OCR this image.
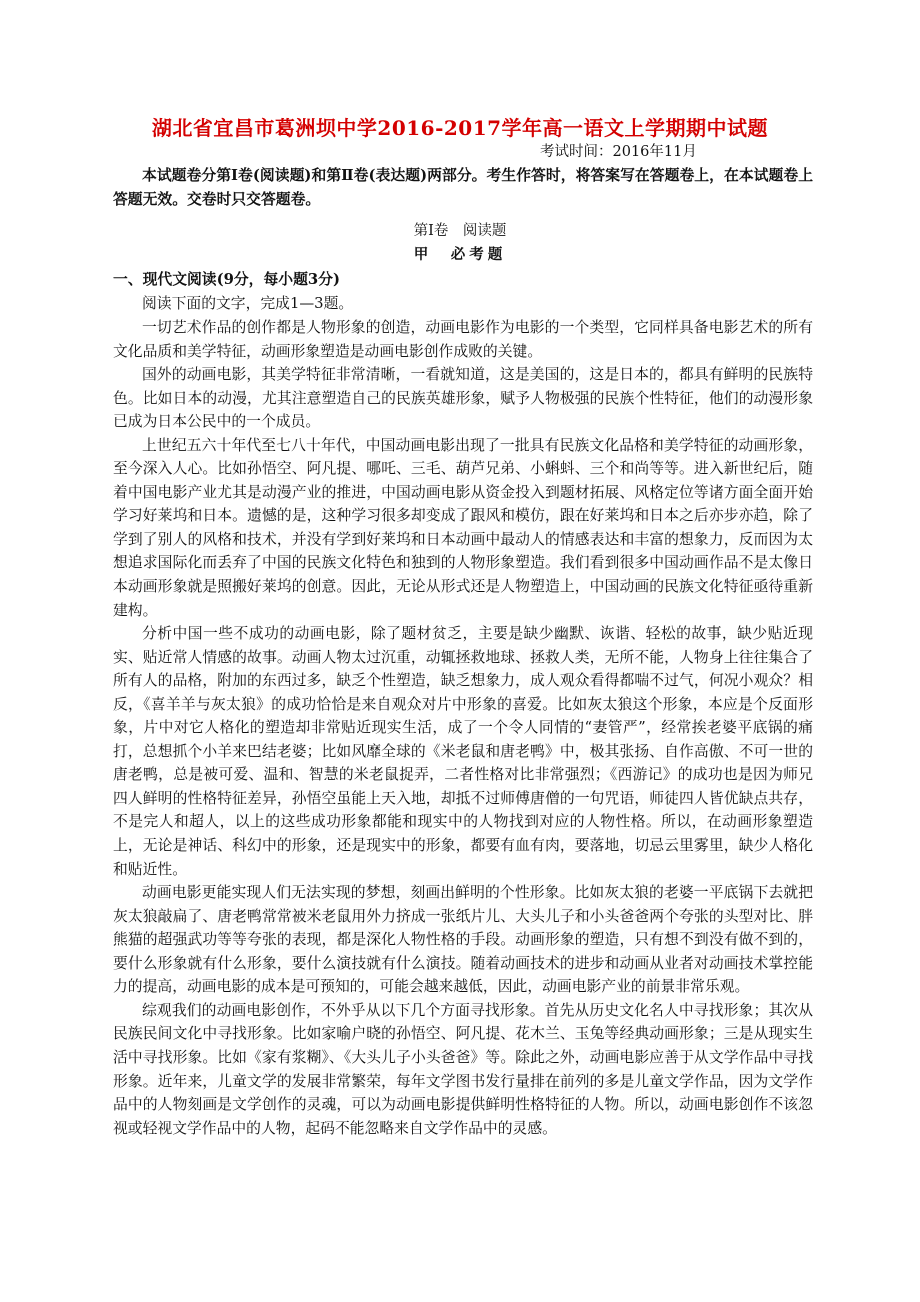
湖北省宜昌市葛洲坝中学2016-2017学年高一语文上学期期中试题
考试时间：2016年11月
本试题卷分第Ⅰ卷(阅读题)和第Ⅱ卷(表达题)两部分。考生作答时，将答案写在答题卷上，在本试题卷上答题无效。交卷时只交答题卷。
第Ⅰ卷　阅读题
甲　必考题
一、现代文阅读(9分，每小题3分)
阅读下面的文字，完成1—3题。

一切艺术作品的创作都是人物形象的创造，动画电影作为电影的一个类型，它同样具备电影艺术的所有文化品质和美学特征，动画形象塑造是动画电影创作成败的关键。

国外的动画电影，其美学特征非常清晰，一看就知道，这是美国的，这是日本的，都具有鲜明的民族特色。比如日本的动漫，尤其注意塑造自己的民族英雄形象，赋予人物极强的民族个性特征，他们的动漫形象已成为日本公民中的一个成员。

上世纪五六十年代至七八十年代，中国动画电影出现了一批具有民族文化品格和美学特征的动画形象，至今深入人心。比如孙悟空、阿凡提、哪吒、三毛、葫芦兄弟、小蝌蚪、三个和尚等等。进入新世纪后，随着中国电影产业尤其是动漫产业的推进，中国动画电影从资金投入到题材拓展、风格定位等诸方面全面开始学习好莱坞和日本。遗憾的是，这种学习很多却变成了跟风和模仿，跟在好莱坞和日本之后亦步亦趋，除了学到了别人的风格和技术，并没有学到好莱坞和日本动画中最动人的情感表达和丰富的想象力，反而因为太想追求国际化而丢弃了中国的民族文化特色和独到的人物形象塑造。我们看到很多中国动画作品不是太像日本动画形象就是照搬好莱坞的创意。因此，无论从形式还是人物塑造上，中国动画的民族文化特征亟待重新建构。

分析中国一些不成功的动画电影，除了题材贫乏，主要是缺少幽默、诙谐、轻松的故事，缺少贴近现实、贴近常人情感的故事。动画人物太过沉重，动辄拯救地球、拯救人类，无所不能，人物身上往往集合了所有人的品格，附加的东西过多，缺乏个性塑造，缺乏想象力，成人观众看得都喘不过气，何况小观众？相反，《喜羊羊与灰太狼》的成功恰恰是来自观众对片中形象的喜爱。比如灰太狼这个形象，本应是个反面形象，片中对它人格化的塑造却非常贴近现实生活，成了一个令人同情的“妻管严”，经常挨老婆平底锅的痛打，总想抓个小羊来巴结老婆；比如风靡全球的《米老鼠和唐老鸭》中，极其张扬、自作高傲、不可一世的唐老鸭，总是被可爱、温和、智慧的米老鼠捉弄，二者性格对比非常强烈；《西游记》的成功也是因为师兄四人鲜明的性格特征差异，孙悟空虽能上天入地，却抵不过师傅唐僧的一句咒语，师徒四人皆优缺点共存，不是完人和超人，以上的这些成功形象都能和现实中的人物找到对应的人物性格。所以，在动画形象塑造上，无论是神话、科幻中的形象，还是现实中的形象，都要有血有肉，要落地，切忌云里雾里，缺少人格化和贴近性。

动画电影更能实现人们无法实现的梦想，刻画出鲜明的个性形象。比如灰太狼的老婆一平底锅下去就把灰太狼敲扁了、唐老鸭常常被米老鼠用外力挤成一张纸片儿、大头儿子和小头爸爸两个夸张的头型对比、胖熊猫的超强武功等等夸张的表现，都是深化人物性格的手段。动画形象的塑造，只有想不到没有做不到的，要什么形象就有什么形象，要什么演技就有什么演技。随着动画技术的进步和动画从业者对动画技术掌控能力的提高，动画电影的成本是可预知的，可能会越来越低，因此，动画电影产业的前景非常乐观。

综观我们的动画电影创作，不外乎从以下几个方面寻找形象。首先从历史文化名人中寻找形象；其次从民族民间文化中寻找形象。比如家喻户晓的孙悟空、阿凡提、花木兰、玉兔等经典动画形象；三是从现实生活中寻找形象。比如《家有浆糊》、《大头儿子小头爸爸》等。除此之外，动画电影应善于从文学作品中寻找形象。近年来，儿童文学的发展非常繁荣，每年文学图书发行量排在前列的多是儿童文学作品，因为文学作品中的人物刻画是文学创作的灵魂，可以为动画电影提供鲜明性格特征的人物。所以，动画电影创作不该忽视或轻视文学作品中的人物，起码不能忽略来自文学作品中的灵感。
